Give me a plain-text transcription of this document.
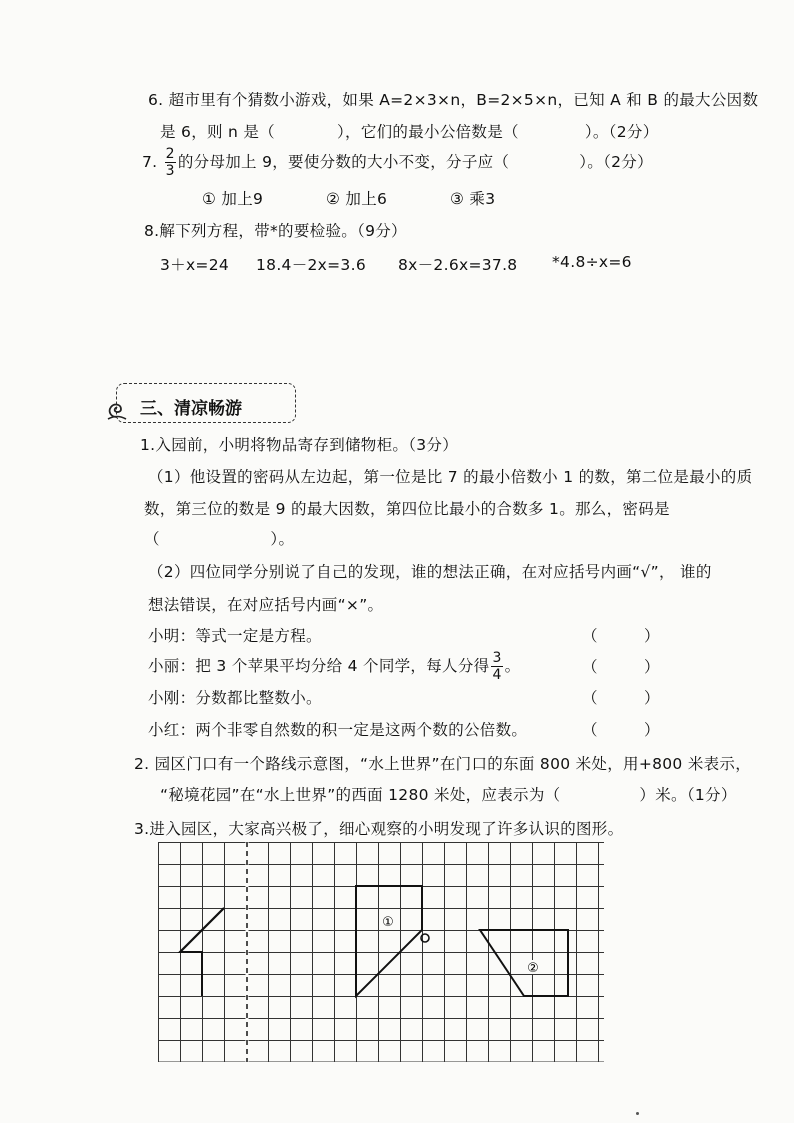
6. 超市里有个猜数小游戏，如果 A=2×3×n，B=2×5×n，已知 A 和 B 的最大公因数
是 6，则 n 是（	），它们的最小公倍数是（	）。（2分）
7. $\frac{2}{3}$ 的分母加上 9，要使分数的大小不变，分子应（	）。（2分）
① 加上9	② 加上6	③ 乘3
8.解下列方程，带*的要检验。（9分）
3＋x=24 18.4－2x=3.6 8x－2.6x=37.8 *4.8÷x=6
三、清凉畅游
1.入园前，小明将物品寄存到储物柜。（3分）
（1）他设置的密码从左边起，第一位是比 7 的最小倍数小 1 的数，第二位是最小的质
数，第三位的数是 9 的最大因数，第四位比最小的合数多 1。那么，密码是
（　　　　　　　）。
（2）四位同学分别说了自己的发现，谁的想法正确，在对应括号内画“√”， 谁的
想法错误，在对应括号内画“×”。
小明：等式一定是方程。	（　　　）
小丽：把 3 个苹果平均分给 4 个同学，每人分得 $\frac{3}{4}$ 。	（　　　）
小刚：分数都比整数小。	（　　　）
小红：两个非零自然数的积一定是这两个数的公倍数。	（　　　）
2. 园区门口有一个路线示意图，“水上世界”在门口的东面 800 米处，用+800 米表示，
“秘境花园”在“水上世界”的西面 1280 米处，应表示为（　　　　　）米。（1分）
3.进入园区，大家高兴极了，细心观察的小明发现了许多认识的图形。
①
②
